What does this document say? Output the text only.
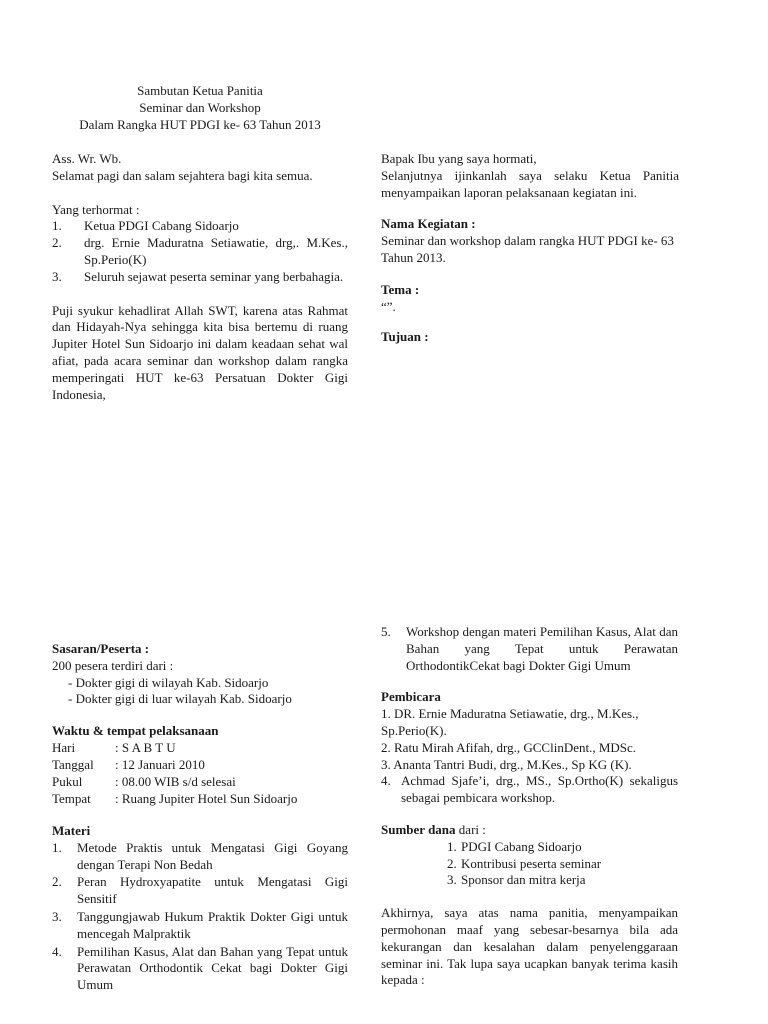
Sambutan Ketua Panitia
Seminar dan Workshop
Dalam Rangka HUT PDGI ke- 63 Tahun 2013

Ass. Wr. Wb.

Selamat pagi dan salam sejahtera bagi kita semua.

Yang terhormat :

1. Ketua PDGI Cabang Sidoarjo
2. drg. Ernie Maduratna Setiawatie, drg,. M.Kes., Sp.Perio(K)
3. Seluruh sejawat peserta seminar yang berbahagia.

Puji syukur kehadlirat Allah SWT, karena atas Rahmat dan Hidayah-Nya sehingga kita bisa bertemu di ruang Jupiter Hotel Sun Sidoarjo ini dalam keadaan sehat wal afiat, pada acara seminar dan workshop dalam rangka memperingati HUT ke-63 Persatuan Dokter Gigi Indonesia,

Bapak Ibu yang saya hormati,

Selanjutnya ijinkanlah saya selaku Ketua Panitia menyampaikan laporan pelaksanaan kegiatan ini.

Nama Kegiatan :

Seminar dan workshop dalam rangka HUT PDGI ke- 63 Tahun 2013.

Tema :

“”.

Tujuan :

Sasaran/Peserta :

200 pesera terdiri dari :

- Dokter gigi di wilayah Kab. Sidoarjo

- Dokter gigi di luar wilayah Kab. Sidoarjo

Waktu & tempat pelaksanaan

Hari	: S A B T U
Tanggal : 12 Januari 2010
Pukul	: 08.00 WIB s/d selesai
Tempat : Ruang Jupiter Hotel Sun Sidoarjo

Materi

1. Metode Praktis untuk Mengatasi Gigi Goyang dengan Terapi Non Bedah
2. Peran Hydroxyapatite untuk Mengatasi Gigi Sensitif
3. Tanggungjawab Hukum Praktik Dokter Gigi untuk mencegah Malpraktik
4. Pemilihan Kasus, Alat dan Bahan yang Tepat untuk Perawatan Orthodontik Cekat bagi Dokter Gigi Umum
5. Workshop dengan materi Pemilihan Kasus, Alat dan Bahan yang Tepat untuk Perawatan OrthodontikCekat bagi Dokter Gigi Umum

Pembicara

1. DR. Ernie Maduratna Setiawatie, drg., M.Kes., Sp.Perio(K).
2. Ratu Mirah Afifah, drg., GCClinDent., MDSc.
3. Ananta Tantri Budi, drg., M.Kes., Sp KG (K).
4. Achmad Sjafe’i, drg., MS., Sp.Ortho(K) sekaligus sebagai pembicara workshop.

Sumber dana dari :

1. PDGI Cabang Sidoarjo
2. Kontribusi peserta seminar
3. Sponsor dan mitra kerja

Akhirnya, saya atas nama panitia, menyampaikan permohonan maaf yang sebesar-besarnya bila ada kekurangan dan kesalahan dalam penyelenggaraan seminar ini. Tak lupa saya ucapkan banyak terima kasih kepada :
